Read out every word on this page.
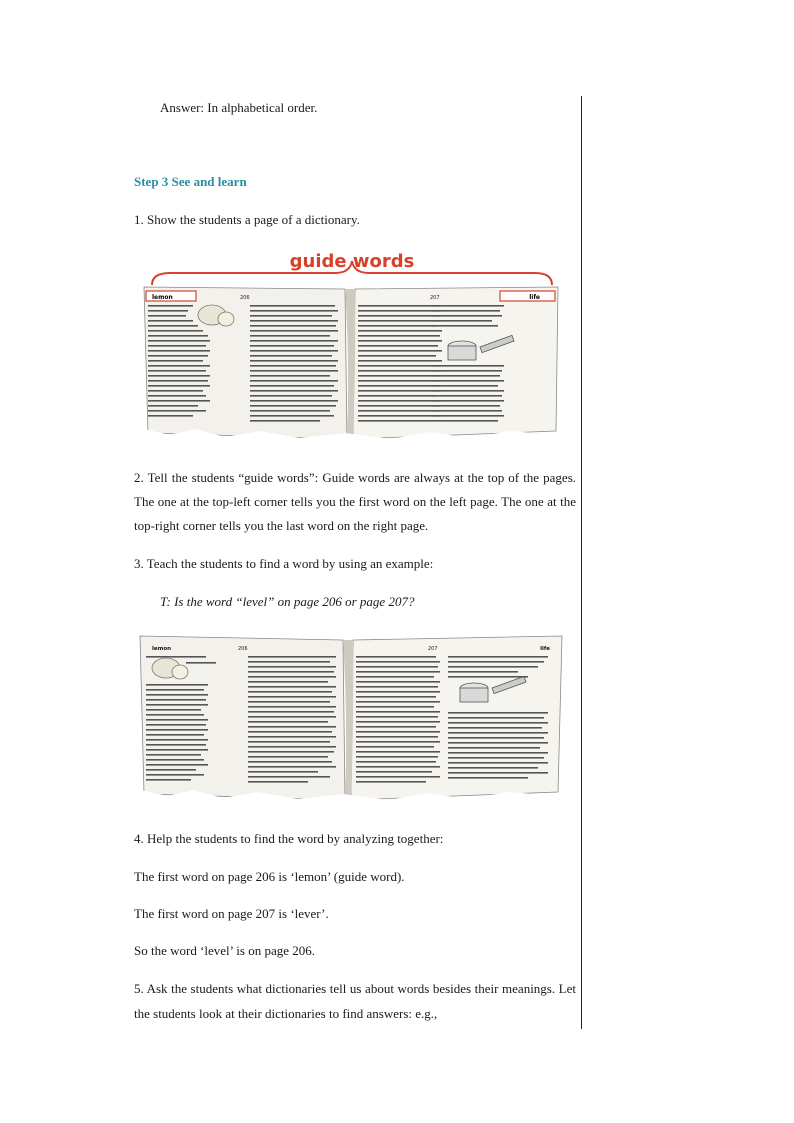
Answer: In alphabetical order.
Step 3 See and learn
1. Show the students a page of a dictionary.
guide words
lemon	life
206	207
2. Tell the students “guide words”: Guide words are always at the top of the pages. The one at the top-left corner tells you the first word on the left page. The one at the top-right corner tells you the last word on the right page.
3. Teach the students to find a word by using an example:
T: Is the word “level” on page 206 or page 207?
lemon	206	207	life
4. Help the students to find the word by analyzing together:
The first word on page 206 is ‘lemon’ (guide word).
The first word on page 207 is ‘lever’.
So the word ‘level’ is on page 206.
5. Ask the students what dictionaries tell us about words besides their meanings. Let the students look at their dictionaries to find answers: e.g.,
